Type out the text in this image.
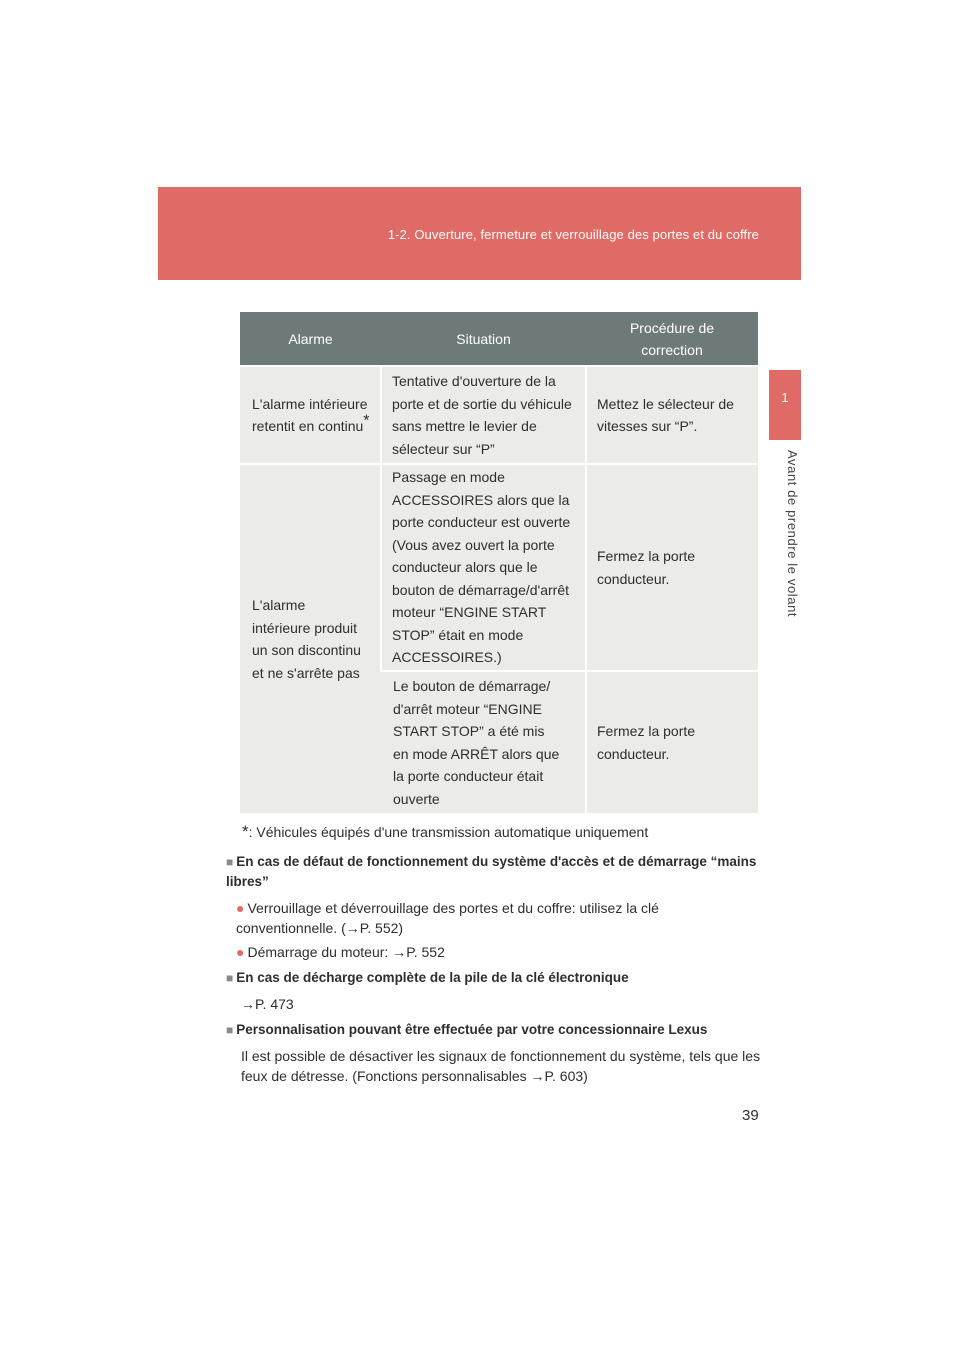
1-2. Ouverture, fermeture et verrouillage des portes et du coffre
1
Avant de prendre le volant
Alarme	Situation	Procédure de correction
L'alarme intérieure retentit en continu*	Tentative d'ouverture de la porte et de sortie du véhicule sans mettre le levier de sélecteur sur “P”	Mettez le sélecteur de vitesses sur “P”.
L'alarme intérieure produit un son discontinu et ne s'arrête pas	Passage en mode ACCESSOIRES alors que la porte conducteur est ouverte (Vous avez ouvert la porte conducteur alors que le bouton de démarrage/d'arrêt moteur “ENGINE START STOP” était en mode ACCESSOIRES.)	Fermez la porte conducteur.
	Le bouton de démarrage/ d'arrêt moteur “ENGINE START STOP” a été mis en mode ARRÊT alors que la porte conducteur était ouverte	Fermez la porte conducteur.
*: Véhicules équipés d'une transmission automatique uniquement
■ En cas de défaut de fonctionnement du système d'accès et de démarrage “mains libres”
● Verrouillage et déverrouillage des portes et du coffre: utilisez la clé conventionnelle. (→P. 552)
● Démarrage du moteur: →P. 552
■ En cas de décharge complète de la pile de la clé électronique
→P. 473
■ Personnalisation pouvant être effectuée par votre concessionnaire Lexus
Il est possible de désactiver les signaux de fonctionnement du système, tels que les feux de détresse. (Fonctions personnalisables →P. 603)
39
